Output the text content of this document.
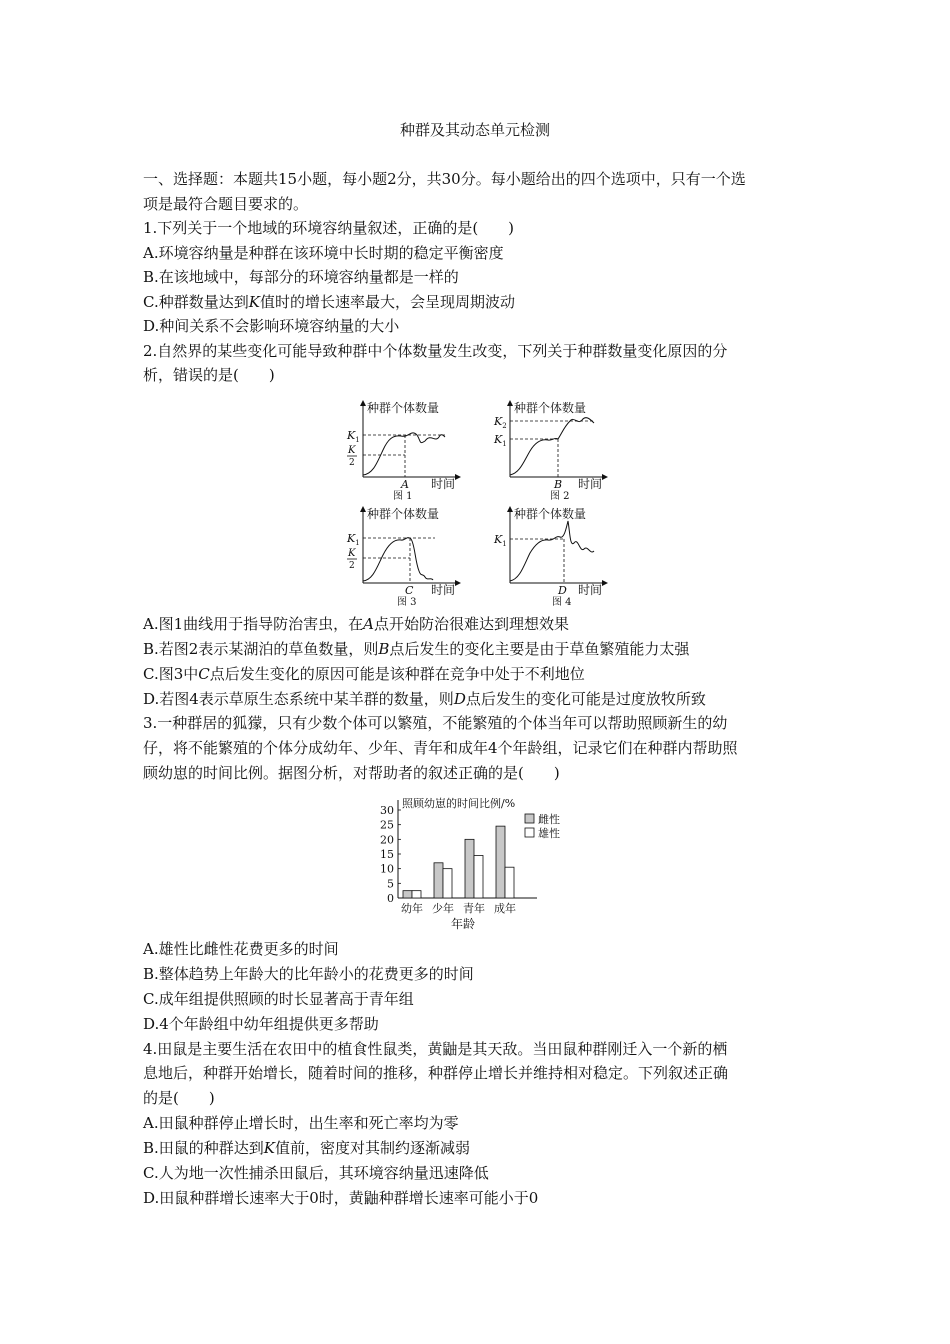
种群及其动态单元检测
一、选择题：本题共15小题，每小题2分，共30分。每小题给出的四个选项中，只有一个选
项是最符合题目要求的。
1.下列关于一个地域的环境容纳量叙述，正确的是(　　)
A.环境容纳量是种群在该环境中长时期的稳定平衡密度
B.在该地域中，每部分的环境容纳量都是一样的
C.种群数量达到K值时的增长速率最大，会呈现周期波动
D.种间关系不会影响环境容纳量的大小
2.自然界的某些变化可能导致种群中个体数量发生改变，下列关于种群数量变化原因的分
析，错误的是(　　)
种群个体数量
$K_1$
K
2
A 时间
图 1
种群个体数量
$K_2$
$K_1$
B 时间
图 2
种群个体数量
$K_1$
K
2
C 时间
图 3
种群个体数量
$K_1$
D 时间
图 4
A.图1曲线用于指导防治害虫，在A点开始防治很难达到理想效果
B.若图2表示某湖泊的草鱼数量，则B点后发生的变化主要是由于草鱼繁殖能力太强
C.图3中C点后发生变化的原因可能是该种群在竞争中处于不利地位
D.若图4表示草原生态系统中某羊群的数量，则D点后发生的变化可能是过度放牧所致
3.一种群居的狐獴，只有少数个体可以繁殖，不能繁殖的个体当年可以帮助照顾新生的幼
仔，将不能繁殖的个体分成幼年、少年、青年和成年4个年龄组，记录它们在种群内帮助照
顾幼崽的时间比例。据图分析，对帮助者的叙述正确的是(　　)
照顾幼崽的时间比例/%
0
5
10
15
20
25
30
幼年 少年 青年 成年
雌性
雄性
年龄
A.雄性比雌性花费更多的时间
B.整体趋势上年龄大的比年龄小的花费更多的时间
C.成年组提供照顾的时长显著高于青年组
D.4个年龄组中幼年组提供更多帮助
4.田鼠是主要生活在农田中的植食性鼠类，黄鼬是其天敌。当田鼠种群刚迁入一个新的栖
息地后，种群开始增长，随着时间的推移，种群停止增长并维持相对稳定。下列叙述正确
的是(　　)
A.田鼠种群停止增长时，出生率和死亡率均为零
B.田鼠的种群达到K值前，密度对其制约逐渐减弱
C.人为地一次性捕杀田鼠后，其环境容纳量迅速降低
D.田鼠种群增长速率大于0时，黄鼬种群增长速率可能小于0
